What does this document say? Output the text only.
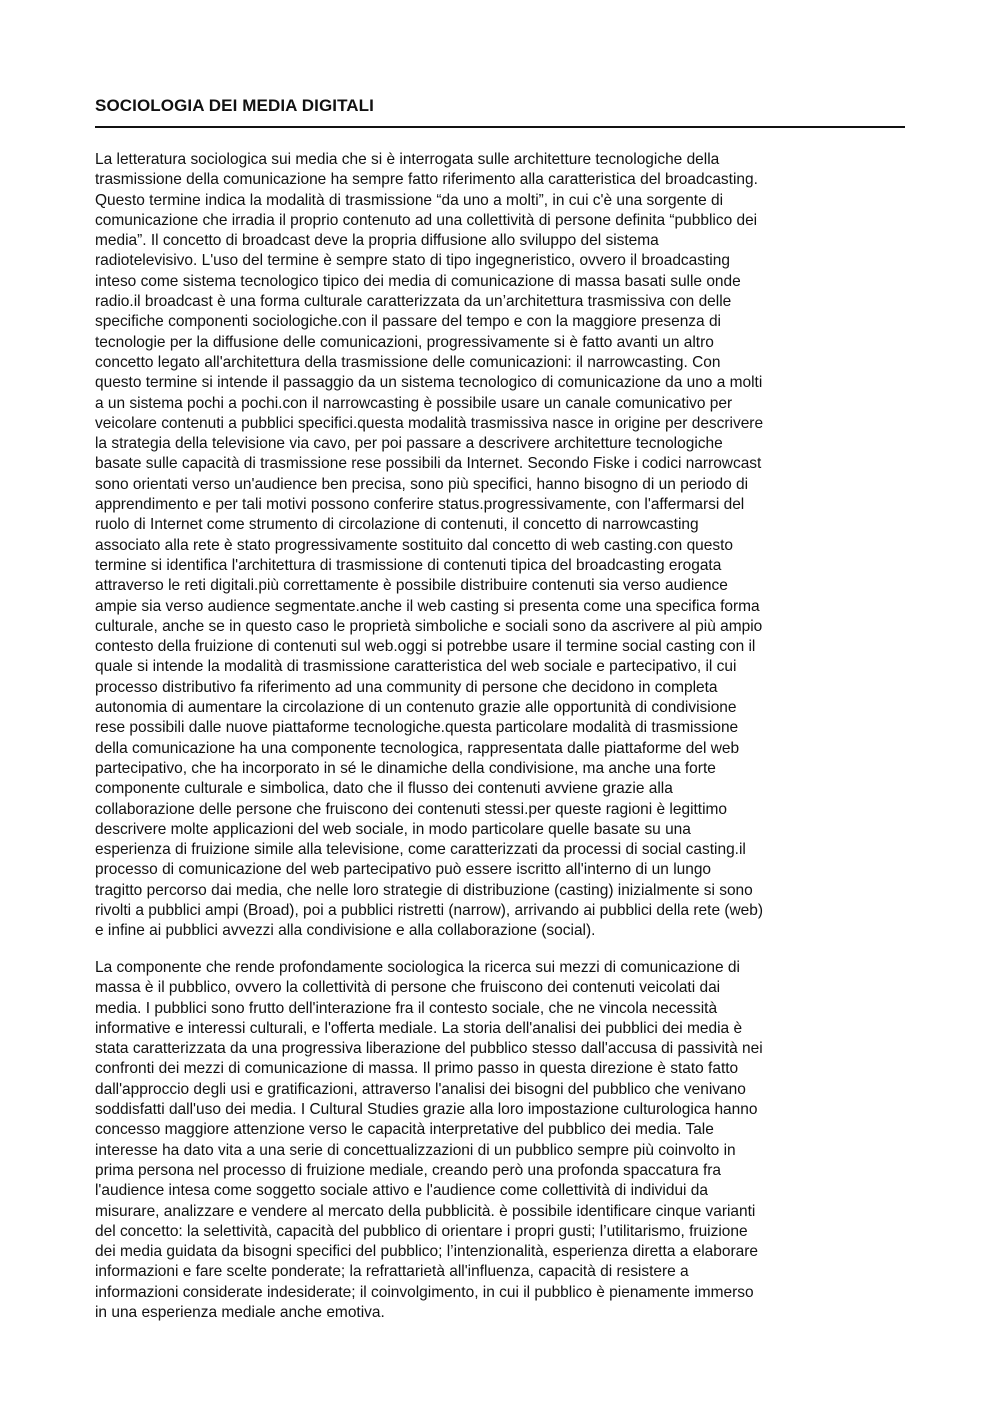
SOCIOLOGIA DEI MEDIA DIGITALI
La letteratura sociologica sui media che si è interrogata sulle architetture tecnologiche della
trasmissione della comunicazione ha sempre fatto riferimento alla caratteristica del broadcasting.
Questo termine indica la modalità di trasmissione “da uno a molti”, in cui c'è una sorgente di
comunicazione che irradia il proprio contenuto ad una collettività di persone definita “pubblico dei
media”. Il concetto di broadcast deve la propria diffusione allo sviluppo del sistema
radiotelevisivo. L'uso del termine è sempre stato di tipo ingegneristico, ovvero il broadcasting
inteso come sistema tecnologico tipico dei media di comunicazione di massa basati sulle onde
radio.il broadcast è una forma culturale caratterizzata da un’architettura trasmissiva con delle
specifiche componenti sociologiche.con il passare del tempo e con la maggiore presenza di
tecnologie per la diffusione delle comunicazioni, progressivamente si è fatto avanti un altro
concetto legato all'architettura della trasmissione delle comunicazioni: il narrowcasting. Con
questo termine si intende il passaggio da un sistema tecnologico di comunicazione da uno a molti
a un sistema pochi a pochi.con il narrowcasting è possibile usare un canale comunicativo per
veicolare contenuti a pubblici specifici.questa modalità trasmissiva nasce in origine per descrivere
la strategia della televisione via cavo, per poi passare a descrivere architetture tecnologiche
basate sulle capacità di trasmissione rese possibili da Internet. Secondo Fiske i codici narrowcast
sono orientati verso un'audience ben precisa, sono più specifici, hanno bisogno di un periodo di
apprendimento e per tali motivi possono conferire status.progressivamente, con l'affermarsi del
ruolo di Internet come strumento di circolazione di contenuti, il concetto di narrowcasting
associato alla rete è stato progressivamente sostituito dal concetto di web casting.con questo
termine si identifica l'architettura di trasmissione di contenuti tipica del broadcasting erogata
attraverso le reti digitali.più correttamente è possibile distribuire contenuti sia verso audience
ampie sia verso audience segmentate.anche il web casting si presenta come una specifica forma
culturale, anche se in questo caso le proprietà simboliche e sociali sono da ascrivere al più ampio
contesto della fruizione di contenuti sul web.oggi si potrebbe usare il termine social casting con il
quale si intende la modalità di trasmissione caratteristica del web sociale e partecipativo, il cui
processo distributivo fa riferimento ad una community di persone che decidono in completa
autonomia di aumentare la circolazione di un contenuto grazie alle opportunità di condivisione
rese possibili dalle nuove piattaforme tecnologiche.questa particolare modalità di trasmissione
della comunicazione ha una componente tecnologica, rappresentata dalle piattaforme del web
partecipativo, che ha incorporato in sé le dinamiche della condivisione, ma anche una forte
componente culturale e simbolica, dato che il flusso dei contenuti avviene grazie alla
collaborazione delle persone che fruiscono dei contenuti stessi.per queste ragioni è legittimo
descrivere molte applicazioni del web sociale, in modo particolare quelle basate su una
esperienza di fruizione simile alla televisione, come caratterizzati da processi di social casting.il
processo di comunicazione del web partecipativo può essere iscritto all'interno di un lungo
tragitto percorso dai media, che nelle loro strategie di distribuzione (casting) inizialmente si sono
rivolti a pubblici ampi (Broad), poi a pubblici ristretti (narrow), arrivando ai pubblici della rete (web)
e infine ai pubblici avvezzi alla condivisione e alla collaborazione (social).
La componente che rende profondamente sociologica la ricerca sui mezzi di comunicazione di
massa è il pubblico, ovvero la collettività di persone che fruiscono dei contenuti veicolati dai
media. I pubblici sono frutto dell'interazione fra il contesto sociale, che ne vincola necessità
informative e interessi culturali, e l'offerta mediale. La storia dell'analisi dei pubblici dei media è
stata caratterizzata da una progressiva liberazione del pubblico stesso dall'accusa di passività nei
confronti dei mezzi di comunicazione di massa. Il primo passo in questa direzione è stato fatto
dall'approccio degli usi e gratificazioni, attraverso l'analisi dei bisogni del pubblico che venivano
soddisfatti dall'uso dei media. I Cultural Studies grazie alla loro impostazione culturologica hanno
concesso maggiore attenzione verso le capacità interpretative del pubblico dei media. Tale
interesse ha dato vita a una serie di concettualizzazioni di un pubblico sempre più coinvolto in
prima persona nel processo di fruizione mediale, creando però una profonda spaccatura fra
l'audience intesa come soggetto sociale attivo e l'audience come collettività di individui da
misurare, analizzare e vendere al mercato della pubblicità. è possibile identificare cinque varianti
del concetto: la selettività, capacità del pubblico di orientare i propri gusti; l’utilitarismo, fruizione
dei media guidata da bisogni specifici del pubblico; l’intenzionalità, esperienza diretta a elaborare
informazioni e fare scelte ponderate; la refrattarietà all'influenza, capacità di resistere a
informazioni considerate indesiderate; il coinvolgimento, in cui il pubblico è pienamente immerso
in una esperienza mediale anche emotiva.
